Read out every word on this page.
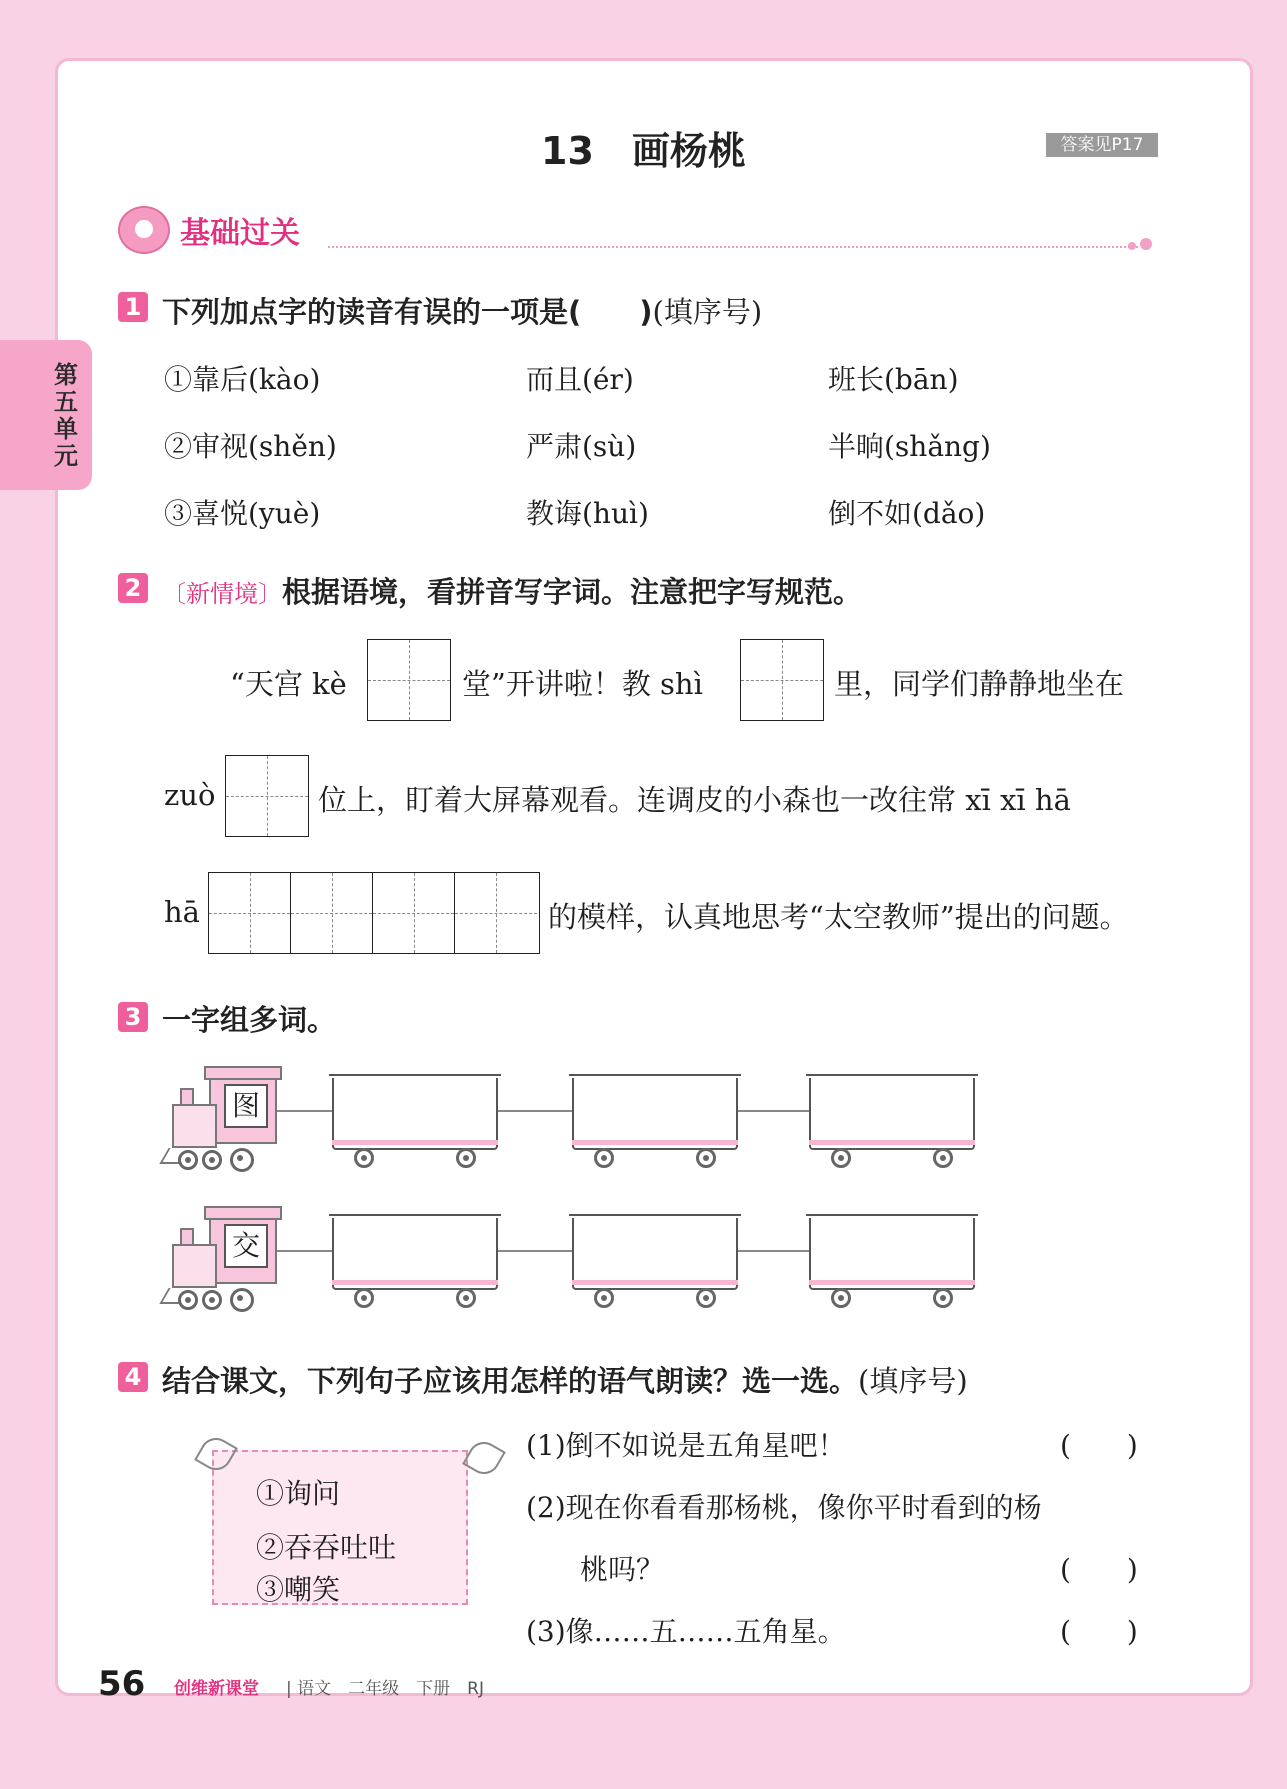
第五单元
13　画杨桃	答案见P17
基础过关
1 下列加点字的读音有误的一项是(　　)(填序号)
①靠后(kào)	而且(ér)	班长(bān)
②审视(shěn)	严肃(sù)	半晌(shǎng)
③喜悦(yuè)	教诲(huì)	倒不如(dǎo)
2 〔新情境〕根据语境，看拼音写字词。注意把字写规范。
“天宫 kè	堂”开讲啦！教 shì	里，同学们静静地坐在
zuò	位上，盯着大屏幕观看。连调皮的小森也一改往常 xī xī hā
hā	的模样，认真地思考“太空教师”提出的问题。
3 一字组多词。
图
交
4 结合课文，下列句子应该用怎样的语气朗读？选一选。(填序号)
①询问
②吞吞吐吐
③嘲笑
(1)倒不如说是五角星吧！	(　　)
(2)现在你看看那杨桃，像你平时看到的杨
桃吗？	(　　)
(3)像……五……五角星。	(　　)
56 创维新课堂 | 语文　二年级　下册　RJ
